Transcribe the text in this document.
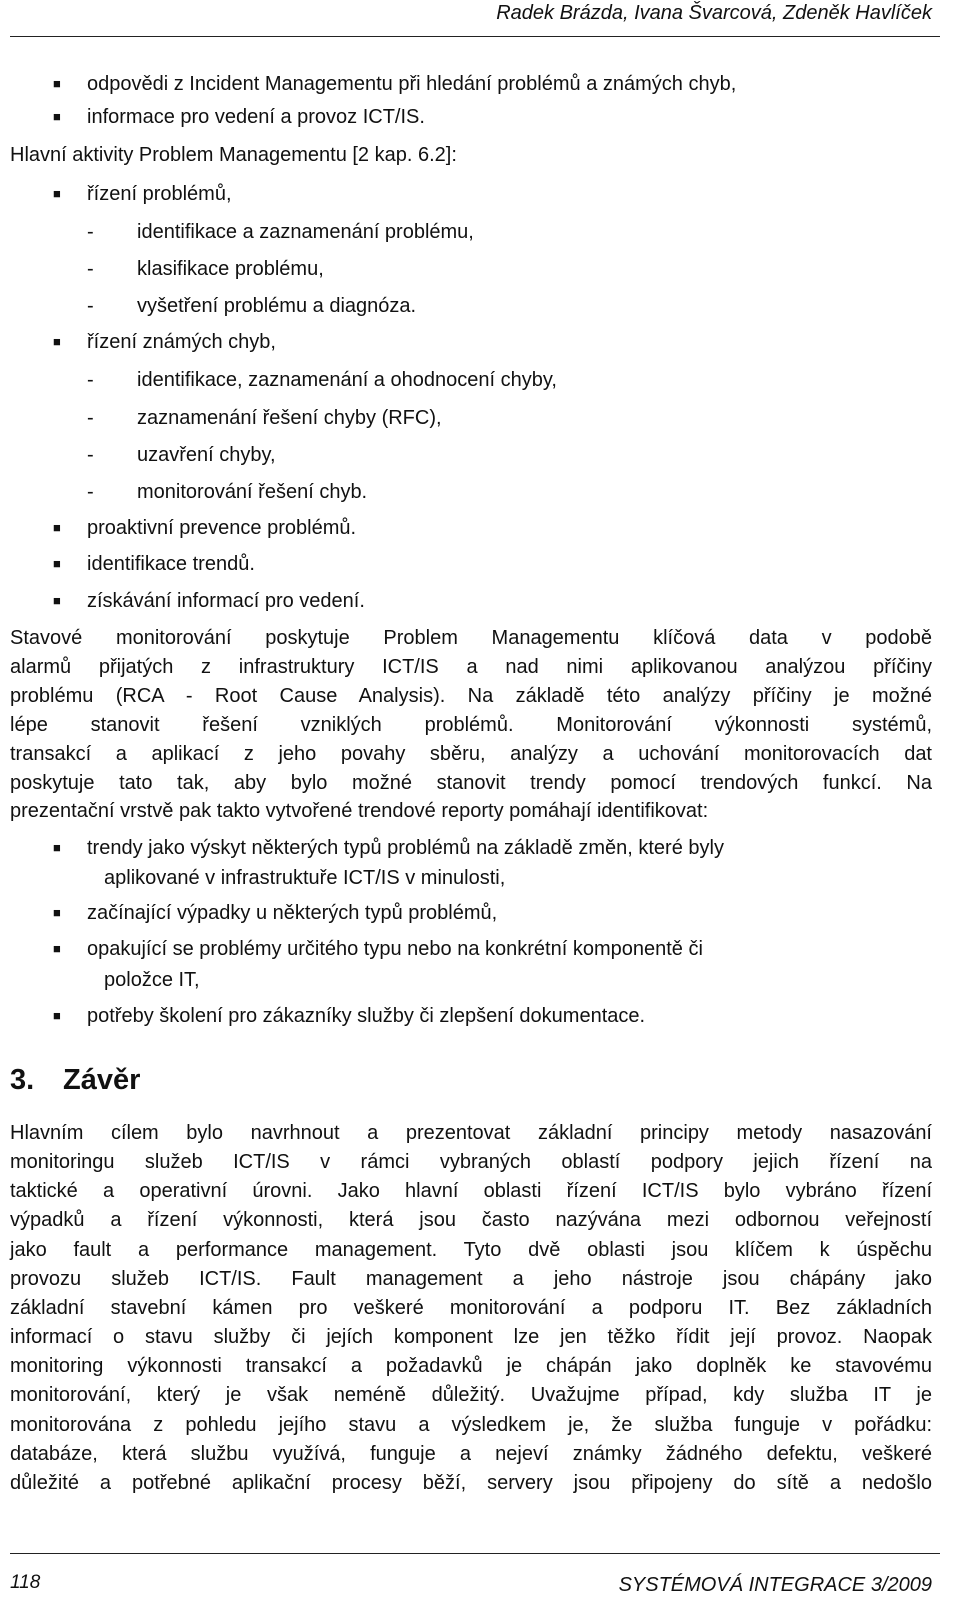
Radek Brázda, Ivana Švarcová, Zdeněk Havlíček
■ odpovědi z Incident Managementu při hledání problémů a známých chyb,
■ informace pro vedení a provoz ICT/IS.
Hlavní aktivity Problem Managementu [2 kap. 6.2]:
■ řízení problémů,
- identifikace a zaznamenání problému,
- klasifikace problému,
- vyšetření problému a diagnóza.
■ řízení známých chyb,
- identifikace, zaznamenání a ohodnocení chyby,
- zaznamenání řešení chyby (RFC),
- uzavření chyby,
- monitorování řešení chyb.
■ proaktivní prevence problémů.
■ identifikace trendů.
■ získávání informací pro vedení.
Stavové monitorování poskytuje Problem Managementu klíčová data v podobě
alarmů přijatých z infrastruktury ICT/IS a nad nimi aplikovanou analýzou příčiny
problému (RCA - Root Cause Analysis). Na základě této analýzy příčiny je možné
lépe stanovit řešení vzniklých problémů. Monitorování výkonnosti systémů,
transakcí a aplikací z jeho povahy sběru, analýzy a uchování monitorovacích dat
poskytuje tato tak, aby bylo možné stanovit trendy pomocí trendových funkcí. Na
prezentační vrstvě pak takto vytvořené trendové reporty pomáhají identifikovat:
■ trendy jako výskyt některých typů problémů na základě změn, které byly
aplikované v infrastruktuře ICT/IS v minulosti,
■ začínající výpadky u některých typů problémů,
■ opakující se problémy určitého typu nebo na konkrétní komponentě či
položce IT,
■ potřeby školení pro zákazníky služby či zlepšení dokumentace.
Hlavním cílem bylo navrhnout a prezentovat základní principy metody nasazování
monitoringu služeb ICT/IS v rámci vybraných oblastí podpory jejich řízení na
taktické a operativní úrovni. Jako hlavní oblasti řízení ICT/IS bylo vybráno řízení
výpadků a řízení výkonnosti, která jsou často nazývána mezi odbornou veřejností
jako fault a performance management. Tyto dvě oblasti jsou klíčem k úspěchu
provozu služeb ICT/IS. Fault management a jeho nástroje jsou chápány jako
základní stavební kámen pro veškeré monitorování a podporu IT. Bez základních
informací o stavu služby či jejích komponent lze jen těžko řídit její provoz. Naopak
monitoring výkonnosti transakcí a požadavků je chápán jako doplněk ke stavovému
monitorování, který je však neméně důležitý. Uvažujme případ, kdy služba IT je
monitorována z pohledu jejího stavu a výsledkem je, že služba funguje v pořádku:
databáze, která službu využívá, funguje a nejeví známky žádného defektu, veškeré
důležité a potřebné aplikační procesy běží, servery jsou připojeny do sítě a nedošlo
3. Závěr
118	SYSTÉMOVÁ INTEGRACE 3/2009
